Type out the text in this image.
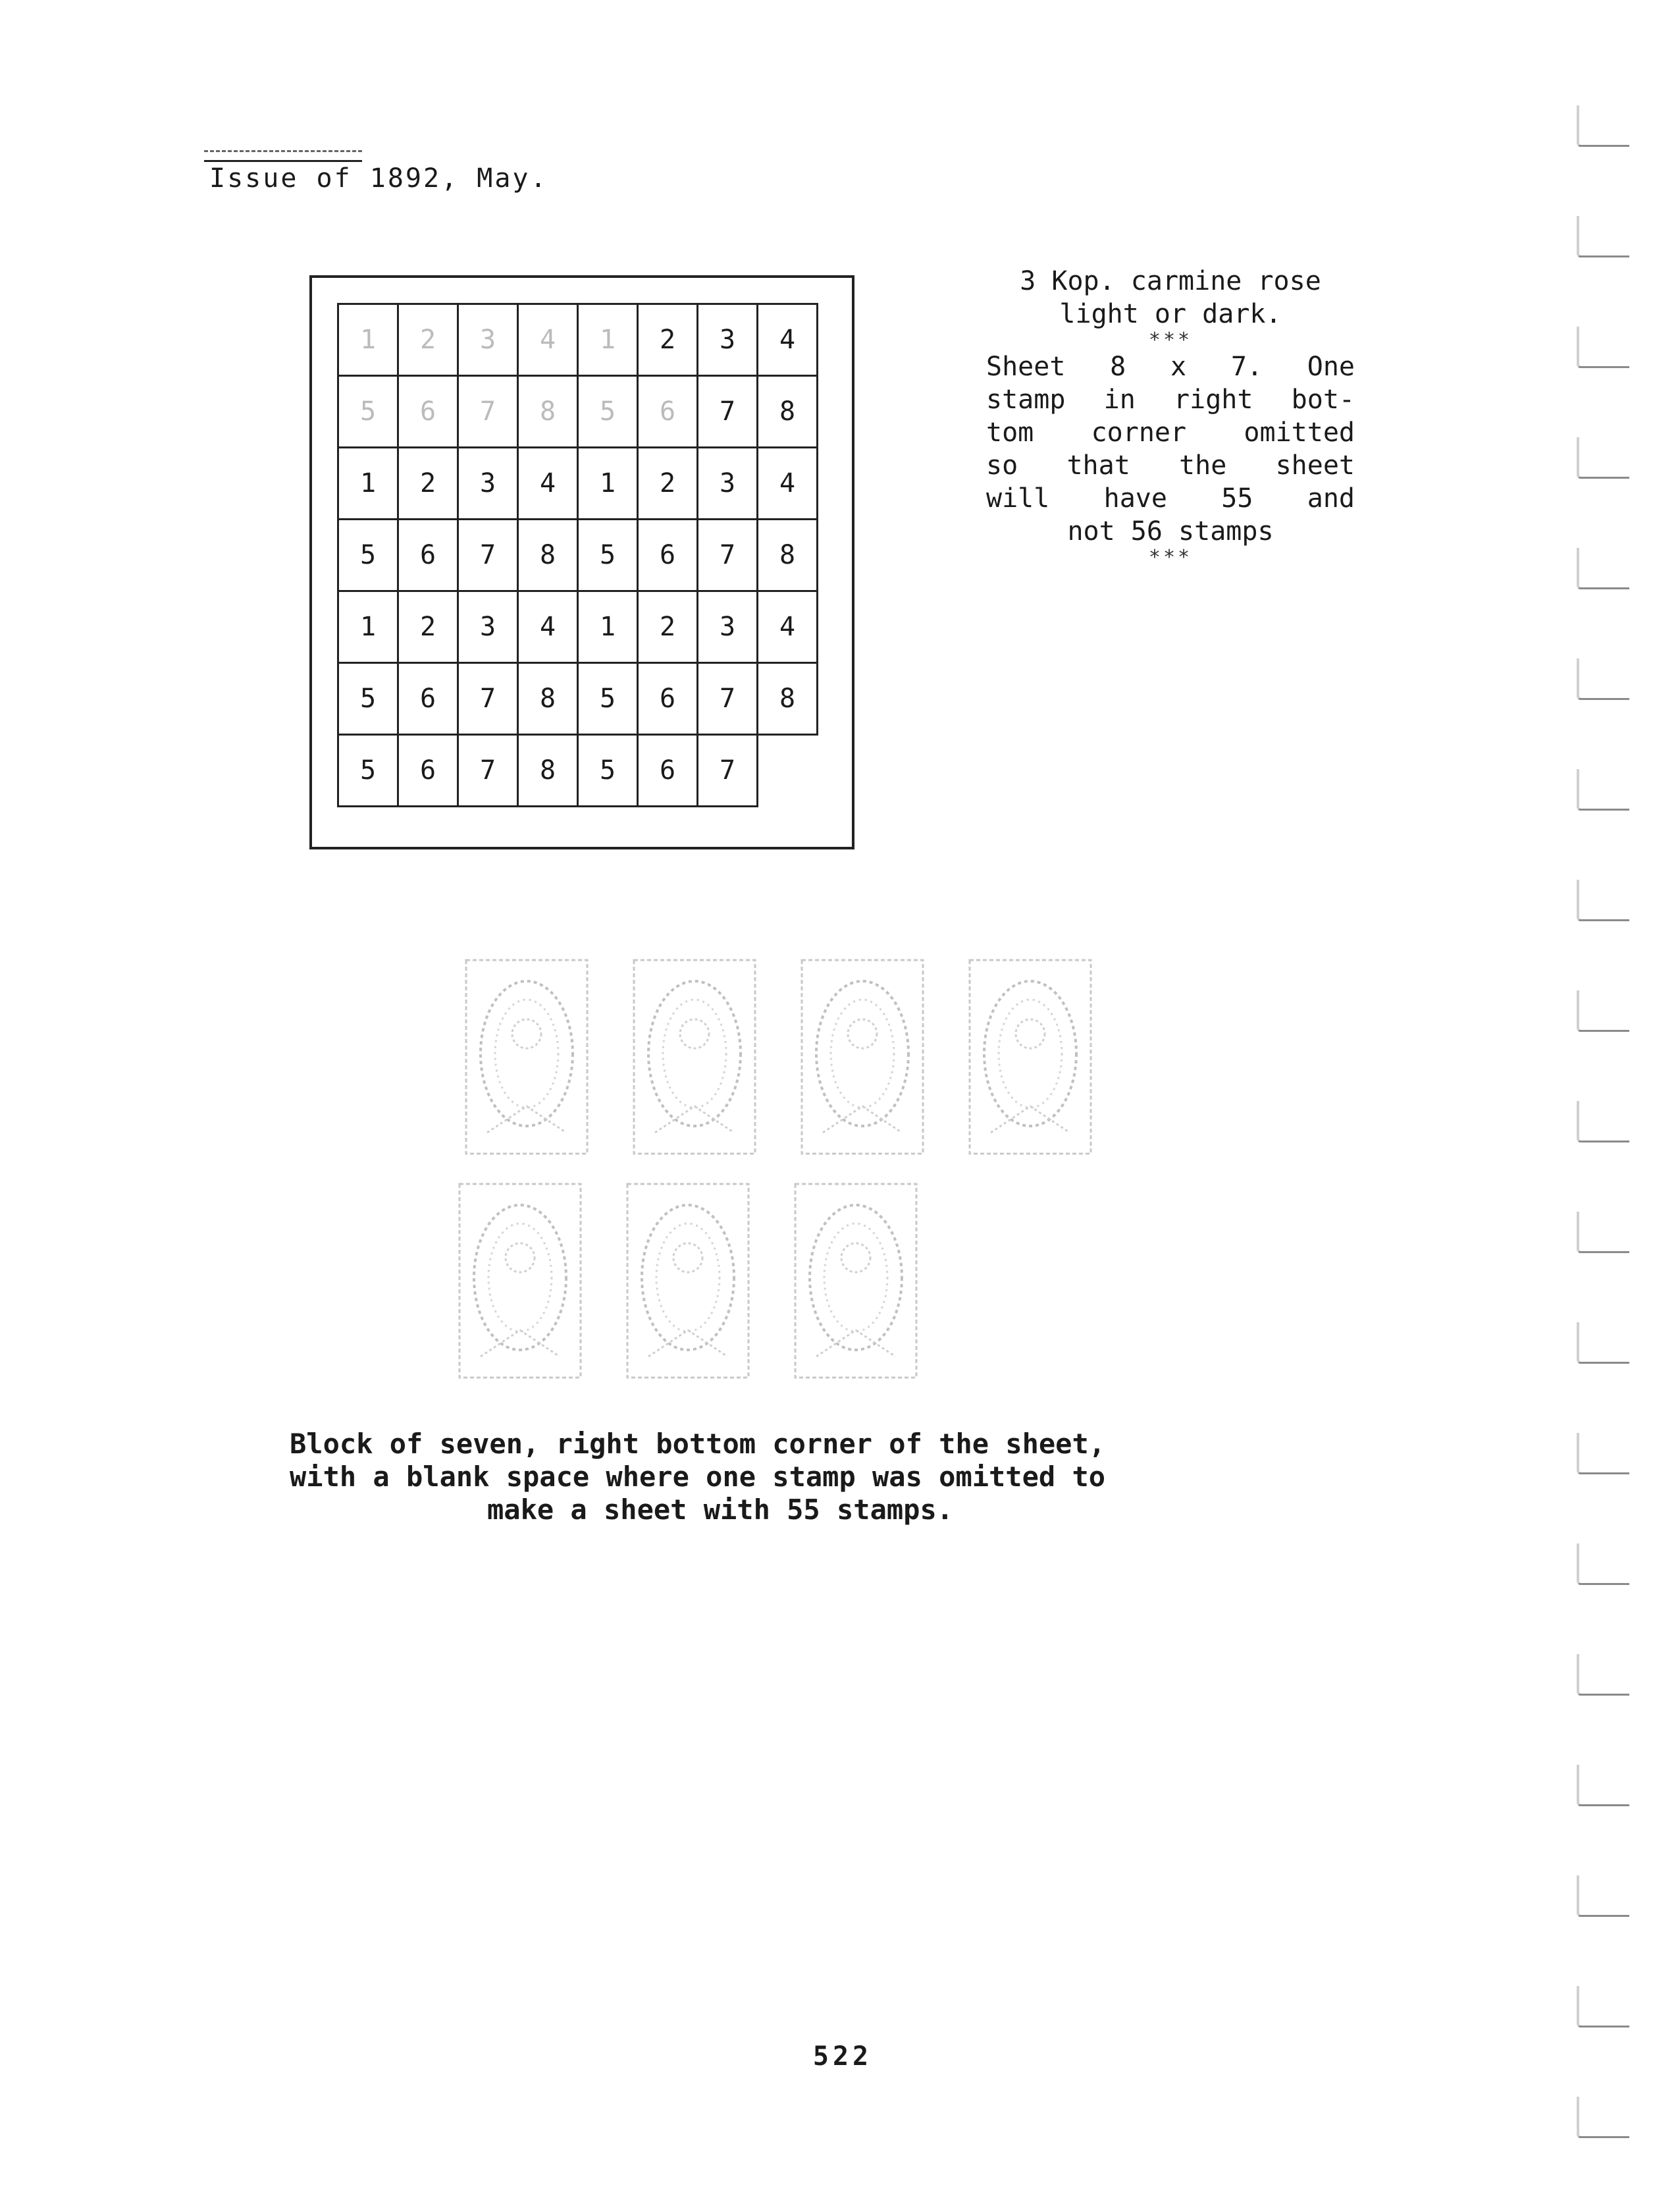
Issue of 1892, May.
1	2	3	4	1	2	3	4
5	6	7	8	5	6	7	8
1	2	3	4	1	2	3	4
5	6	7	8	5	6	7	8
1	2	3	4	1	2	3	4
5	6	7	8	5	6	7	8
5	6	7	8	5	6	7

3 Kop. carmine rose

light or dark.

***

Sheet 8 x 7. One

stamp in right bot-

tom corner omitted

so that the sheet

will have 55 and

not 56 stamps

***

Block of seven, right bottom corner of the sheet,

with a blank space where one stamp was omitted to

make a sheet with 55 stamps.

522
